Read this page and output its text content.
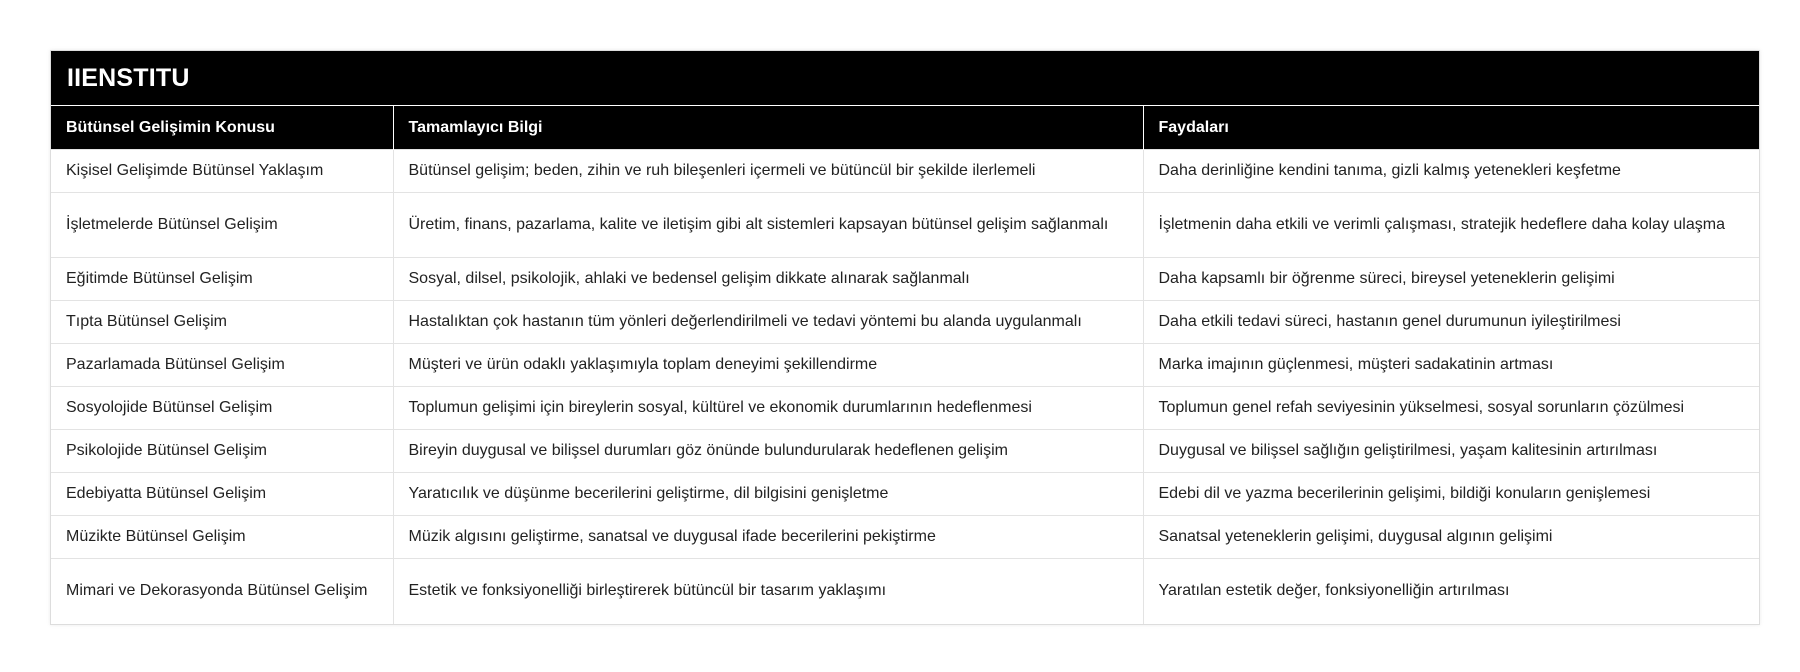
IIENSTITU
Bütünsel Gelişimin Konusu	Tamamlayıcı Bilgi	Faydaları
Kişisel Gelişimde Bütünsel Yaklaşım	Bütünsel gelişim; beden, zihin ve ruh bileşenleri içermeli ve bütüncül bir şekilde ilerlemeli	Daha derinliğine kendini tanıma, gizli kalmış yetenekleri keşfetme
İşletmelerde Bütünsel Gelişim	Üretim, finans, pazarlama, kalite ve iletişim gibi alt sistemleri kapsayan bütünsel gelişim sağlanmalı	İşletmenin daha etkili ve verimli çalışması, stratejik hedeflere daha kolay ulaşma
Eğitimde Bütünsel Gelişim	Sosyal, dilsel, psikolojik, ahlaki ve bedensel gelişim dikkate alınarak sağlanmalı	Daha kapsamlı bir öğrenme süreci, bireysel yeteneklerin gelişimi
Tıpta Bütünsel Gelişim	Hastalıktan çok hastanın tüm yönleri değerlendirilmeli ve tedavi yöntemi bu alanda uygulanmalı	Daha etkili tedavi süreci, hastanın genel durumunun iyileştirilmesi
Pazarlamada Bütünsel Gelişim	Müşteri ve ürün odaklı yaklaşımıyla toplam deneyimi şekillendirme	Marka imajının güçlenmesi, müşteri sadakatinin artması
Sosyolojide Bütünsel Gelişim	Toplumun gelişimi için bireylerin sosyal, kültürel ve ekonomik durumlarının hedeflenmesi	Toplumun genel refah seviyesinin yükselmesi, sosyal sorunların çözülmesi
Psikolojide Bütünsel Gelişim	Bireyin duygusal ve bilişsel durumları göz önünde bulundurularak hedeflenen gelişim	Duygusal ve bilişsel sağlığın geliştirilmesi, yaşam kalitesinin artırılması
Edebiyatta Bütünsel Gelişim	Yaratıcılık ve düşünme becerilerini geliştirme, dil bilgisini genişletme	Edebi dil ve yazma becerilerinin gelişimi, bildiği konuların genişlemesi
Müzikte Bütünsel Gelişim	Müzik algısını geliştirme, sanatsal ve duygusal ifade becerilerini pekiştirme	Sanatsal yeteneklerin gelişimi, duygusal algının gelişimi
Mimari ve Dekorasyonda Bütünsel Gelişim	Estetik ve fonksiyonelliği birleştirerek bütüncül bir tasarım yaklaşımı	Yaratılan estetik değer, fonksiyonelliğin artırılması
